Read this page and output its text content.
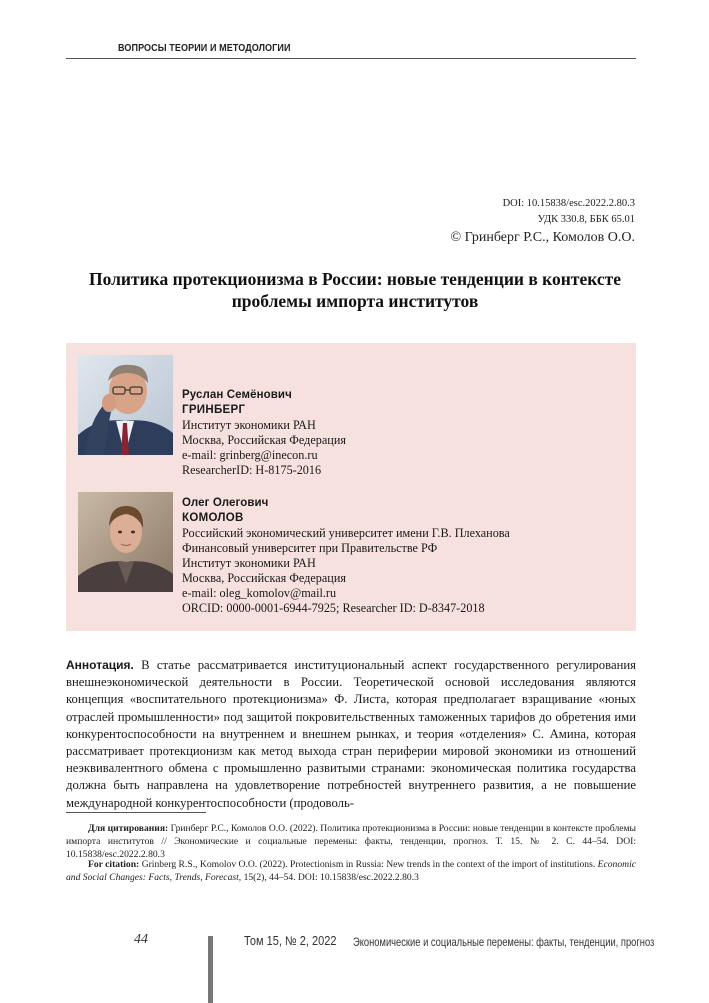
ВОПРОСЫ ТЕОРИИ И МЕТОДОЛОГИИ
DOI: 10.15838/esc.2022.2.80.3
УДК 330.8, ББК 65.01
© Гринберг Р.С., Комолов О.О.
Политика протекционизма в России: новые тенденции в контексте
проблемы импорта институтов
Руслан Семёнович
ГРИНБЕРГ
Институт экономики РАН
Москва, Российская Федерация
e-mail: grinberg@inecon.ru
ResearcherID: H-8175-2016
Олег Олегович
КОМОЛОВ
Российский экономический университет имени Г.В. Плеханова
Финансовый университет при Правительстве РФ
Институт экономики РАН
Москва, Российская Федерация
e-mail: oleg_komolov@mail.ru
ORCID: 0000-0001-6944-7925; Researcher ID: D-8347-2018
Аннотация. В статье рассматривается институциональный аспект государственного регулирования внешнеэкономической деятельности в России. Теоретической основой исследования являются концепция «воспитательного протекционизма» Ф. Листа, которая предполагает взращивание «юных отраслей промышленности» под защитой покровительственных таможенных тарифов до обретения ими конкурентоспособности на внутреннем и внешнем рынках, и теория «отделения» С. Амина, которая рассматривает протекционизм как метод выхода стран периферии мировой экономики из отношений неэквивалентного обмена с промышленно развитыми странами: экономическая политика государства должна быть направлена на удовлетворение потребностей внутреннего развития, а не повышение международной конкурентоспособности (продоволь-
Для цитирования: Гринберг Р.С., Комолов О.О. (2022). Политика протекционизма в России: новые тенденции в контексте проблемы импорта институтов // Экономические и социальные перемены: факты, тенденции, прогноз. Т. 15. № 2. С. 44–54. DOI: 10.15838/esc.2022.2.80.3
For citation: Grinberg R.S., Komolov O.O. (2022). Protectionism in Russia: New trends in the context of the import of institutions. Economic and Social Changes: Facts, Trends, Forecast, 15(2), 44–54. DOI: 10.15838/esc.2022.2.80.3
44	Том 15, № 2, 2022 Экономические и социальные перемены: факты, тенденции, прогноз
